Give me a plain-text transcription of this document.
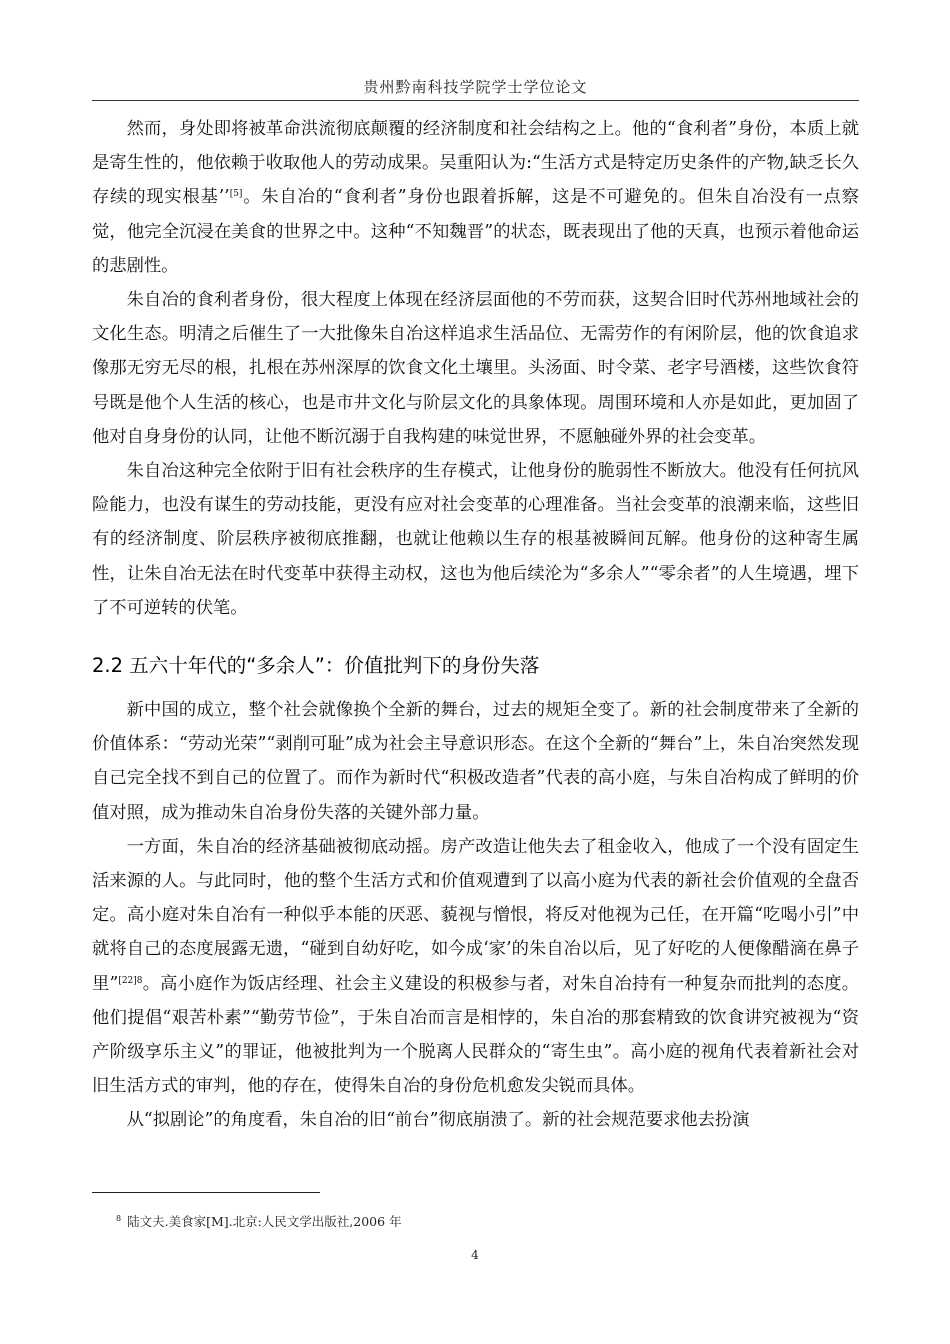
贵州黔南科技学院学士学位论文

然而，身处即将被革命洪流彻底颠覆的经济制度和社会结构之上。他的“食利者”身份，本质上就是寄生性的，他依赖于收取他人的劳动成果。吴重阳认为:“生活方式是特定历史条件的产物,缺乏长久存续的现实根基’’[5]。朱自冶的“食利者”身份也跟着拆解，这是不可避免的。但朱自冶没有一点察觉，他完全沉浸在美食的世界之中。这种“不知魏晋”的状态，既表现出了他的天真，也预示着他命运的悲剧性。

朱自冶的食利者身份，很大程度上体现在经济层面他的不劳而获，这契合旧时代苏州地域社会的文化生态。明清之后催生了一大批像朱自冶这样追求生活品位、无需劳作的有闲阶层，他的饮食追求像那无穷无尽的根，扎根在苏州深厚的饮食文化土壤里。头汤面、时令菜、老字号酒楼，这些饮食符号既是他个人生活的核心，也是市井文化与阶层文化的具象体现。周围环境和人亦是如此，更加固了他对自身身份的认同，让他不断沉溺于自我构建的味觉世界，不愿触碰外界的社会变革。

朱自冶这种完全依附于旧有社会秩序的生存模式，让他身份的脆弱性不断放大。他没有任何抗风险能力，也没有谋生的劳动技能，更没有应对社会变革的心理准备。当社会变革的浪潮来临，这些旧有的经济制度、阶层秩序被彻底推翻，也就让他赖以生存的根基被瞬间瓦解。他身份的这种寄生属性，让朱自冶无法在时代变革中获得主动权，这也为他后续沦为“多余人”“零余者”的人生境遇，埋下了不可逆转的伏笔。

2.2 五六十年代的“多余人”：价值批判下的身份失落

新中国的成立，整个社会就像换个全新的舞台，过去的规矩全变了。新的社会制度带来了全新的价值体系：“劳动光荣”“剥削可耻”成为社会主导意识形态。在这个全新的“舞台”上，朱自冶突然发现自己完全找不到自己的位置了。而作为新时代“积极改造者”代表的高小庭，与朱自冶构成了鲜明的价值对照，成为推动朱自冶身份失落的关键外部力量。

一方面，朱自冶的经济基础被彻底动摇。房产改造让他失去了租金收入，他成了一个没有固定生活来源的人。与此同时，他的整个生活方式和价值观遭到了以高小庭为代表的新社会价值观的全盘否定。高小庭对朱自冶有一种似乎本能的厌恶、藐视与憎恨，将反对他视为己任，在开篇“吃喝小引”中就将自己的态度展露无遗，“碰到自幼好吃，如今成‘家’的朱自冶以后，见了好吃的人便像醋滴在鼻子里”$^{[22]8}$。高小庭作为饭店经理、社会主义建设的积极参与者，对朱自冶持有一种复杂而批判的态度。他们提倡“艰苦朴素”“勤劳节俭”，于朱自冶而言是相悖的，朱自冶的那套精致的饮食讲究被视为“资产阶级享乐主义”的罪证，他被批判为一个脱离人民群众的“寄生虫”。高小庭的视角代表着新社会对旧生活方式的审判，他的存在，使得朱自冶的身份危机愈发尖锐而具体。

从“拟剧论”的角度看，朱自冶的旧“前台”彻底崩溃了。新的社会规范要求他去扮演

$^8$ 陆文夫.美食家[M].北京:人民文学出版社,2006 年
4
